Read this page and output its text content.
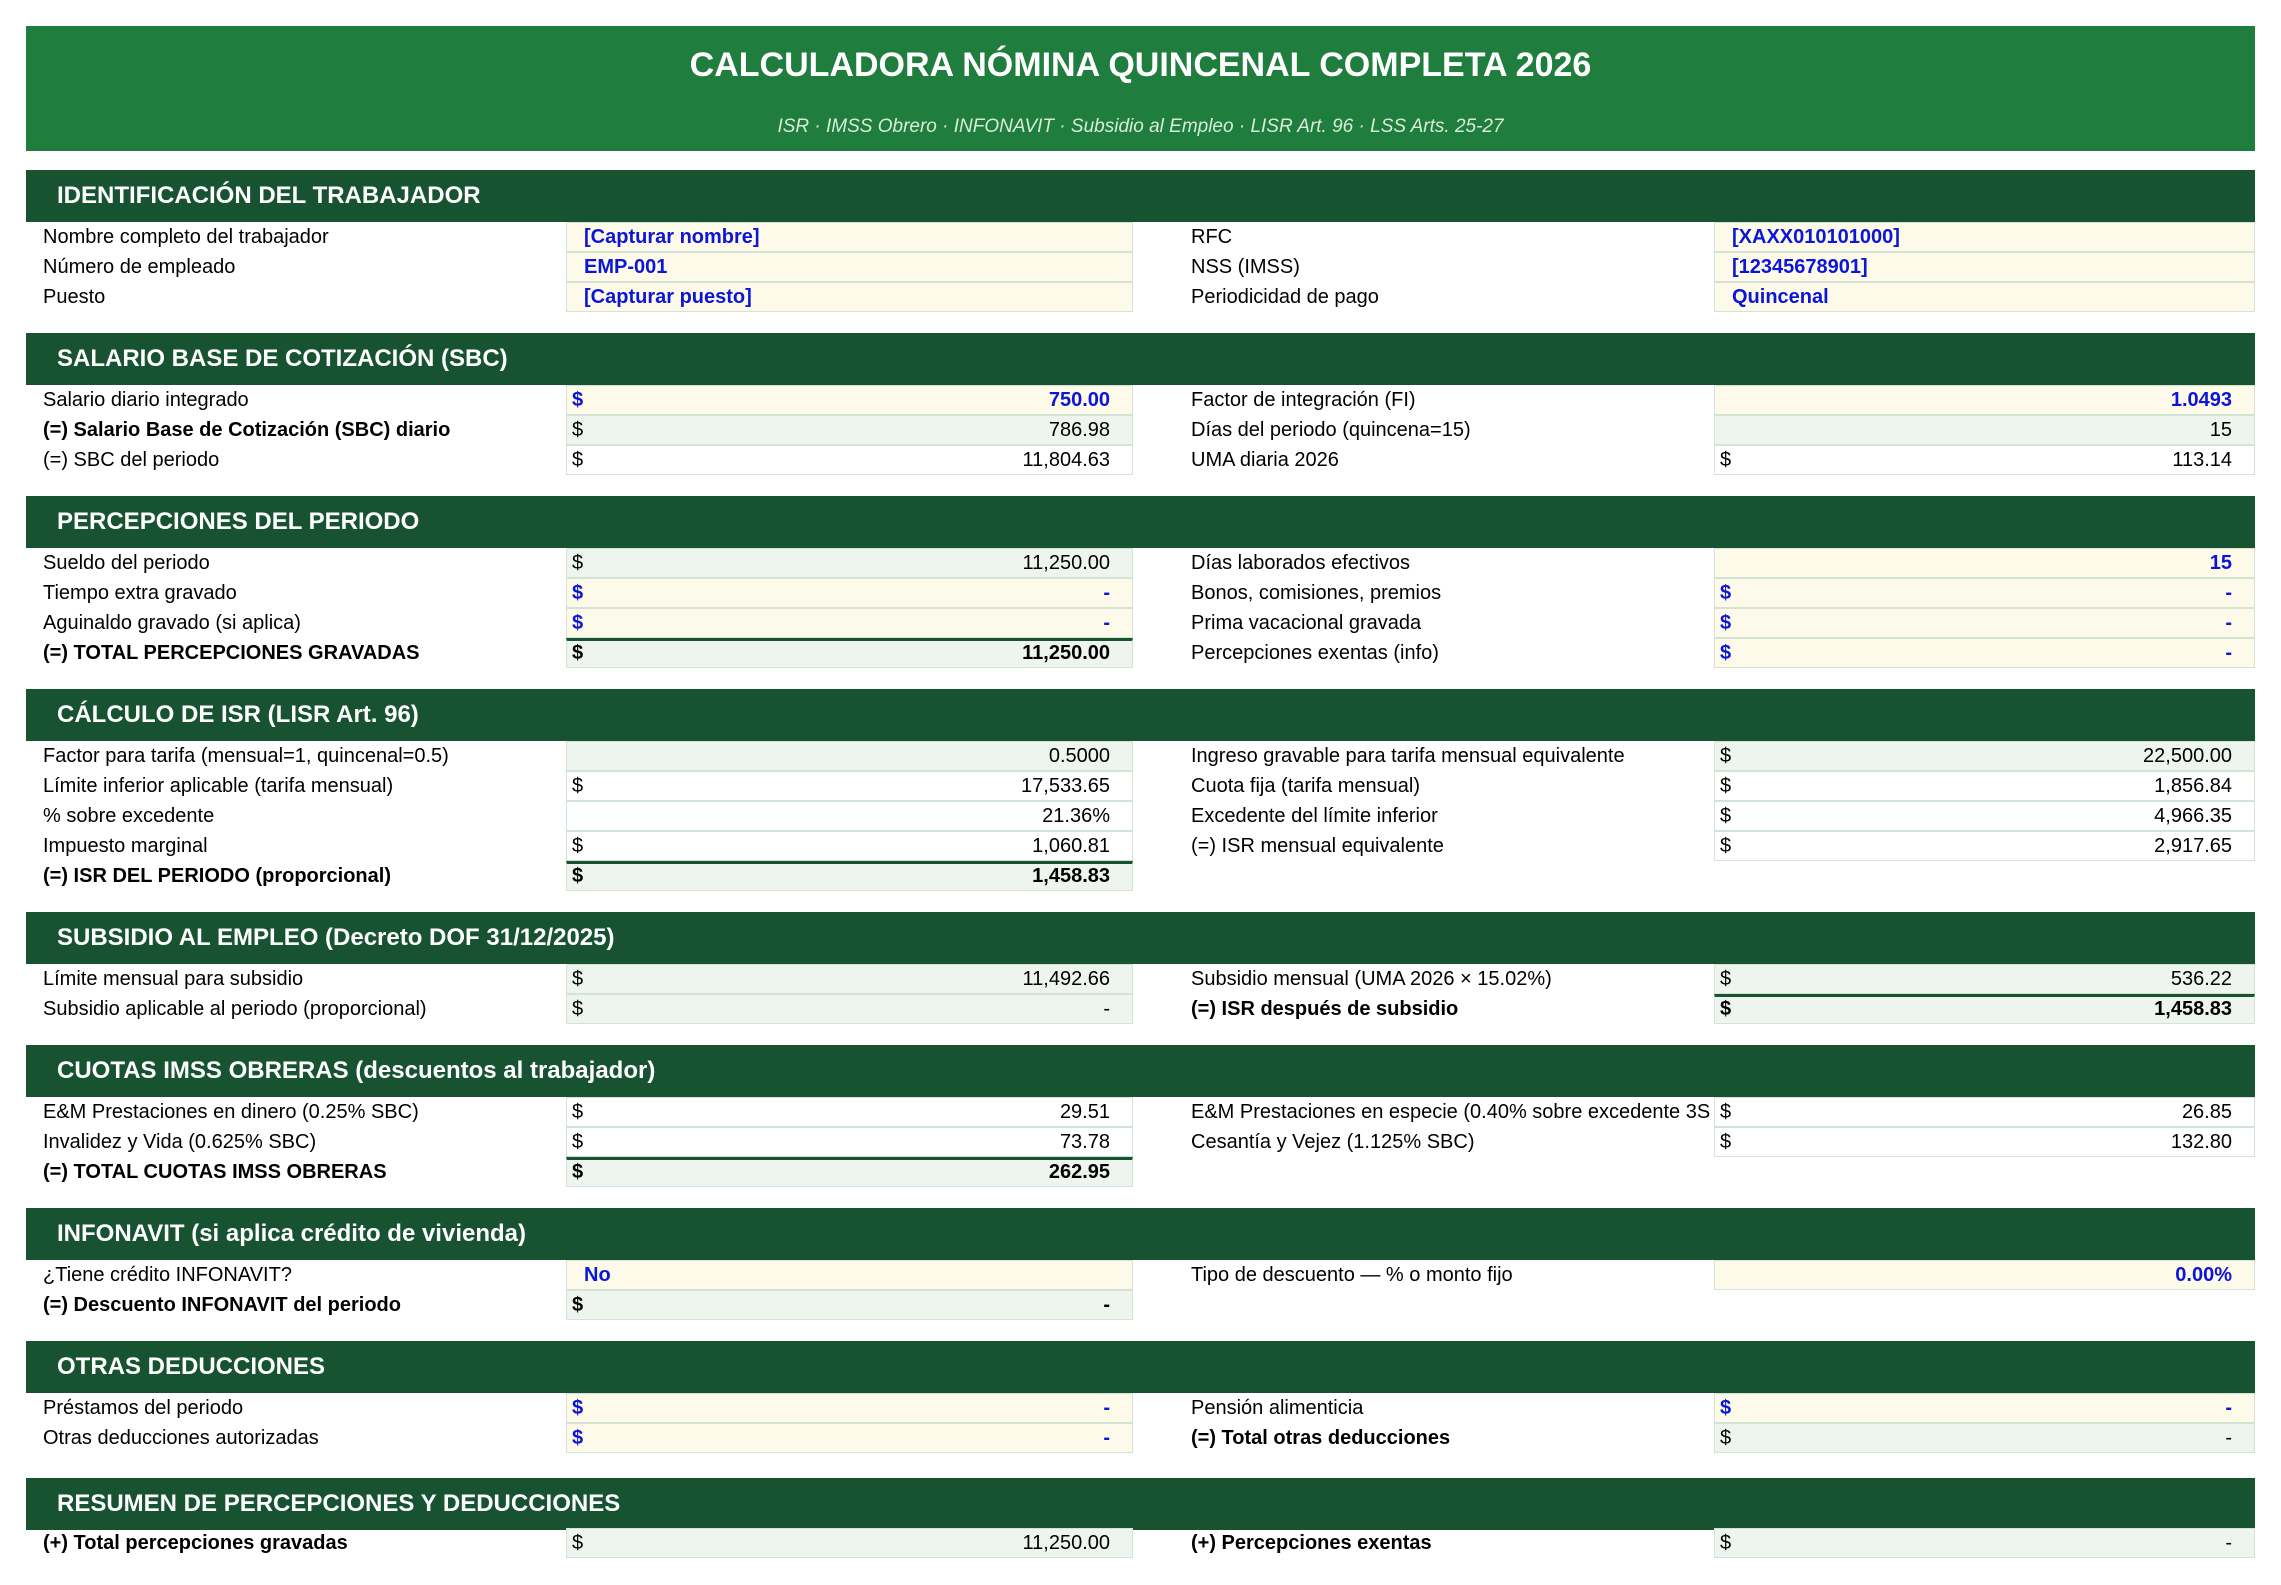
CALCULADORA NÓMINA QUINCENAL COMPLETA 2026
ISR · IMSS Obrero · INFONAVIT · Subsidio al Empleo · LISR Art. 96 · LSS Arts. 25-27
IDENTIFICACIÓN DEL TRABAJADOR
Nombre completo del trabajador	[Capturar nombre]	RFC	[XAXX010101000]
Número de empleado	EMP-001	NSS (IMSS)	[12345678901]
Puesto	[Capturar puesto]	Periodicidad de pago	Quincenal
SALARIO BASE DE COTIZACIÓN (SBC)
Salario diario integrado	$	750.00	Factor de integración (FI)	1.0493
(=) Salario Base de Cotización (SBC) diario	$	786.98	Días del periodo (quincena=15)	15
(=) SBC del periodo	$	11,804.63	UMA diaria 2026	$	113.14
PERCEPCIONES DEL PERIODO
Sueldo del periodo	$	11,250.00	Días laborados efectivos	15
Tiempo extra gravado	$	-	Bonos, comisiones, premios	$	-
Aguinaldo gravado (si aplica)	$	-	Prima vacacional gravada	$	-
(=) TOTAL PERCEPCIONES GRAVADAS	$	11,250.00	Percepciones exentas (info)	$	-
CÁLCULO DE ISR (LISR Art. 96)
Factor para tarifa (mensual=1, quincenal=0.5)	0.5000	Ingreso gravable para tarifa mensual equivalente	$	22,500.00
Límite inferior aplicable (tarifa mensual)	$	17,533.65	Cuota fija (tarifa mensual)	$	1,856.84
% sobre excedente	21.36%	Excedente del límite inferior	$	4,966.35
Impuesto marginal	$	1,060.81	(=) ISR mensual equivalente	$	2,917.65
(=) ISR DEL PERIODO (proporcional)	$	1,458.83
SUBSIDIO AL EMPLEO (Decreto DOF 31/12/2025)
Límite mensual para subsidio	$	11,492.66	Subsidio mensual (UMA 2026 × 15.02%)	$	536.22
Subsidio aplicable al periodo (proporcional)	$	-	(=) ISR después de subsidio	$	1,458.83
CUOTAS IMSS OBRERAS (descuentos al trabajador)
E&M Prestaciones en dinero (0.25% SBC)	$	29.51	E&M Prestaciones en especie (0.40% sobre excedente 3S $	26.85
Invalidez y Vida (0.625% SBC)	$	73.78	Cesantía y Vejez (1.125% SBC)	$	132.80
(=) TOTAL CUOTAS IMSS OBRERAS	$	262.95
INFONAVIT (si aplica crédito de vivienda)
¿Tiene crédito INFONAVIT?	No	Tipo de descuento — % o monto fijo	0.00%
(=) Descuento INFONAVIT del periodo	$	-
OTRAS DEDUCCIONES
Préstamos del periodo	$	-	Pensión alimenticia	$	-
Otras deducciones autorizadas	$	-	(=) Total otras deducciones	$	-
RESUMEN DE PERCEPCIONES Y DEDUCCIONES
(+) Total percepciones gravadas	$	11,250.00	(+) Percepciones exentas	$	-
